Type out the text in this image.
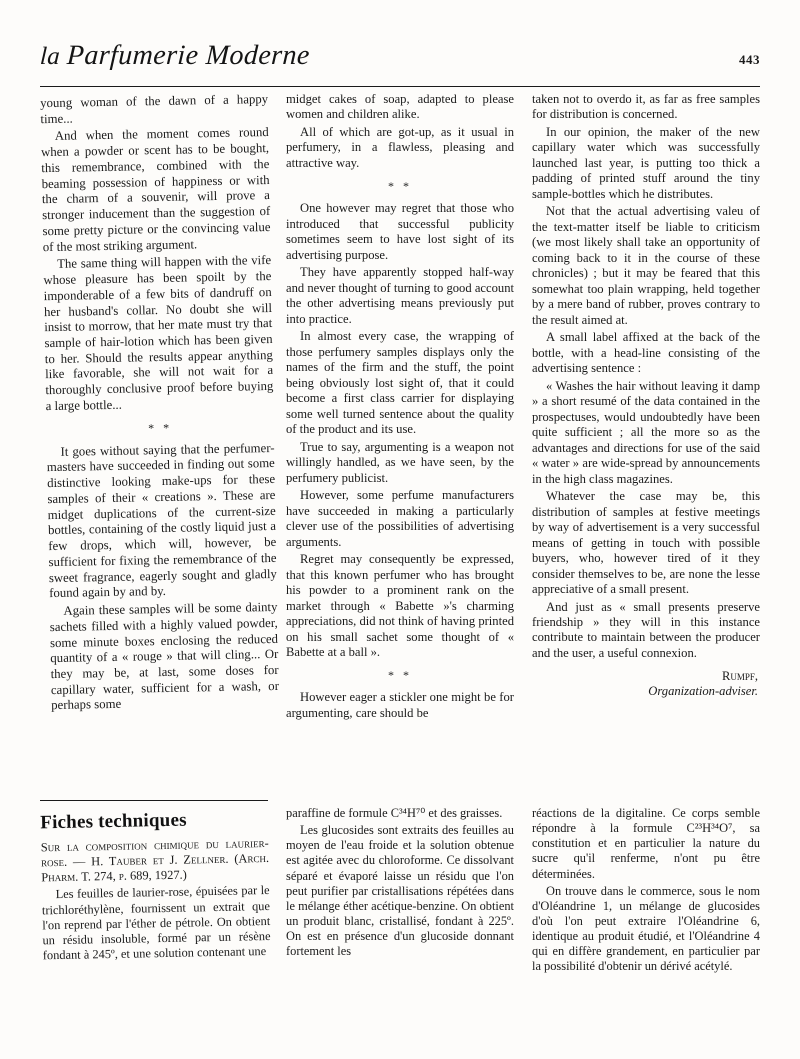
la Parfumerie Moderne	443

young woman of the dawn of a happy time...

And when the moment comes round when a powder or scent has to be bought, this remembrance, combined with the beaming possession of happiness or with the charm of a souvenir, will prove a stronger inducement than the suggestion of some pretty picture or the convincing value of the most striking argument.

The same thing will happen with the vife whose pleasure has been spoilt by the imponderable of a few bits of dandruff on her husband's collar. No doubt she will insist to morrow, that her mate must try that sample of hair-lotion which has been given to her. Should the results appear anything like favorable, she will not wait for a thoroughly conclusive proof before buying a large bottle...

* *

It goes without saying that the perfumer-masters have succeeded in finding out some distinctive looking make-ups for these samples of their « creations ». These are midget duplications of the current-size bottles, containing of the costly liquid just a few drops, which will, however, be sufficient for fixing the remembrance of the sweet fragrance, eagerly sought and gladly found again by and by.

Again these samples will be some dainty sachets filled with a highly valued powder, some minute boxes enclosing the reduced quantity of a « rouge » that will cling... Or they may be, at last, some doses for capillary water, sufficient for a wash, or perhaps some

midget cakes of soap, adapted to please women and children alike.

All of which are got-up, as it usual in perfumery, in a flawless, pleasing and attractive way.

* *

One however may regret that those who introduced that successful publicity sometimes seem to have lost sight of its advertising purpose.

They have apparently stopped half-way and never thought of turning to good account the other advertising means previously put into practice.

In almost every case, the wrapping of those perfumery samples displays only the names of the firm and the stuff, the point being obviously lost sight of, that it could become a first class carrier for displaying some well turned sentence about the quality of the product and its use.

True to say, argumenting is a weapon not willingly handled, as we have seen, by the perfumery publicist.

However, some perfume manufacturers have succeeded in making a particularly clever use of the possibilities of advertising arguments.

Regret may consequently be expressed, that this known perfumer who has brought his powder to a prominent rank on the market through « Babette »'s charming appreciations, did not think of having printed on his small sachet some thought of « Babette at a ball ».

* *

However eager a stickler one might be for argumenting, care should be

taken not to overdo it, as far as free samples for distribution is concerned.

In our opinion, the maker of the new capillary water which was successfully launched last year, is putting too thick a padding of printed stuff around the tiny sample-bottles which he distributes.

Not that the actual advertising valeu of the text-matter itself be liable to criticism (we most likely shall take an opportunity of coming back to it in the course of these chronicles) ; but it may be feared that this somewhat too plain wrapping, held together by a mere band of rubber, proves contrary to the result aimed at.

A small label affixed at the back of the bottle, with a head-line consisting of the advertising sentence :

« Washes the hair without leaving it damp » a short resumé of the data contained in the prospectuses, would undoubtedly have been quite sufficient ; all the more so as the advantages and directions for use of the said « water » are wide-spread by announcements in the high class magazines.

Whatever the case may be, this distribution of samples at festive meetings by way of advertisement is a very successful means of getting in touch with possible buyers, who, however tired of it they consider themselves to be, are none the lesse appreciative of a small present.

And just as « small presents preserve friendship » they will in this instance contribute to maintain between the producer and the user, a useful connexion.

Rumpf,
Organization-adviser.
Fiches techniques

Sur la composition chimique du laurier-rose. — H. Tauber et J. Zellner. (Arch. Pharm. T. 274, p. 689, 1927.)

Les feuilles de laurier-rose, épuisées par le trichloréthylène, fournissent un extrait que l'on reprend par l'éther de pétrole. On obtient un résidu insoluble, formé par un résène fondant à 245º, et une solution contenant une

paraffine de formule C³⁴H⁷⁰ et des graisses.

Les glucosides sont extraits des feuilles au moyen de l'eau froide et la solution obtenue est agitée avec du chloroforme. Ce dissolvant séparé et évaporé laisse un résidu que l'on peut purifier par cristallisations répétées dans le mélange éther acétique-benzine. On obtient un produit blanc, cristallisé, fondant à 225º. On est en présence d'un glucoside donnant fortement les

réactions de la digitaline. Ce corps semble répondre à la formule C²³H³⁴O⁷, sa constitution et en particulier la nature du sucre qu'il renferme, n'ont pu être déterminées.

On trouve dans le commerce, sous le nom d'Oléandrine 1, un mélange de glucosides d'où l'on peut extraire l'Oléandrine 6, identique au produit étudié, et l'Oléandrine 4 qui en diffère grandement, en particulier par la possibilité d'obtenir un dérivé acétylé.
